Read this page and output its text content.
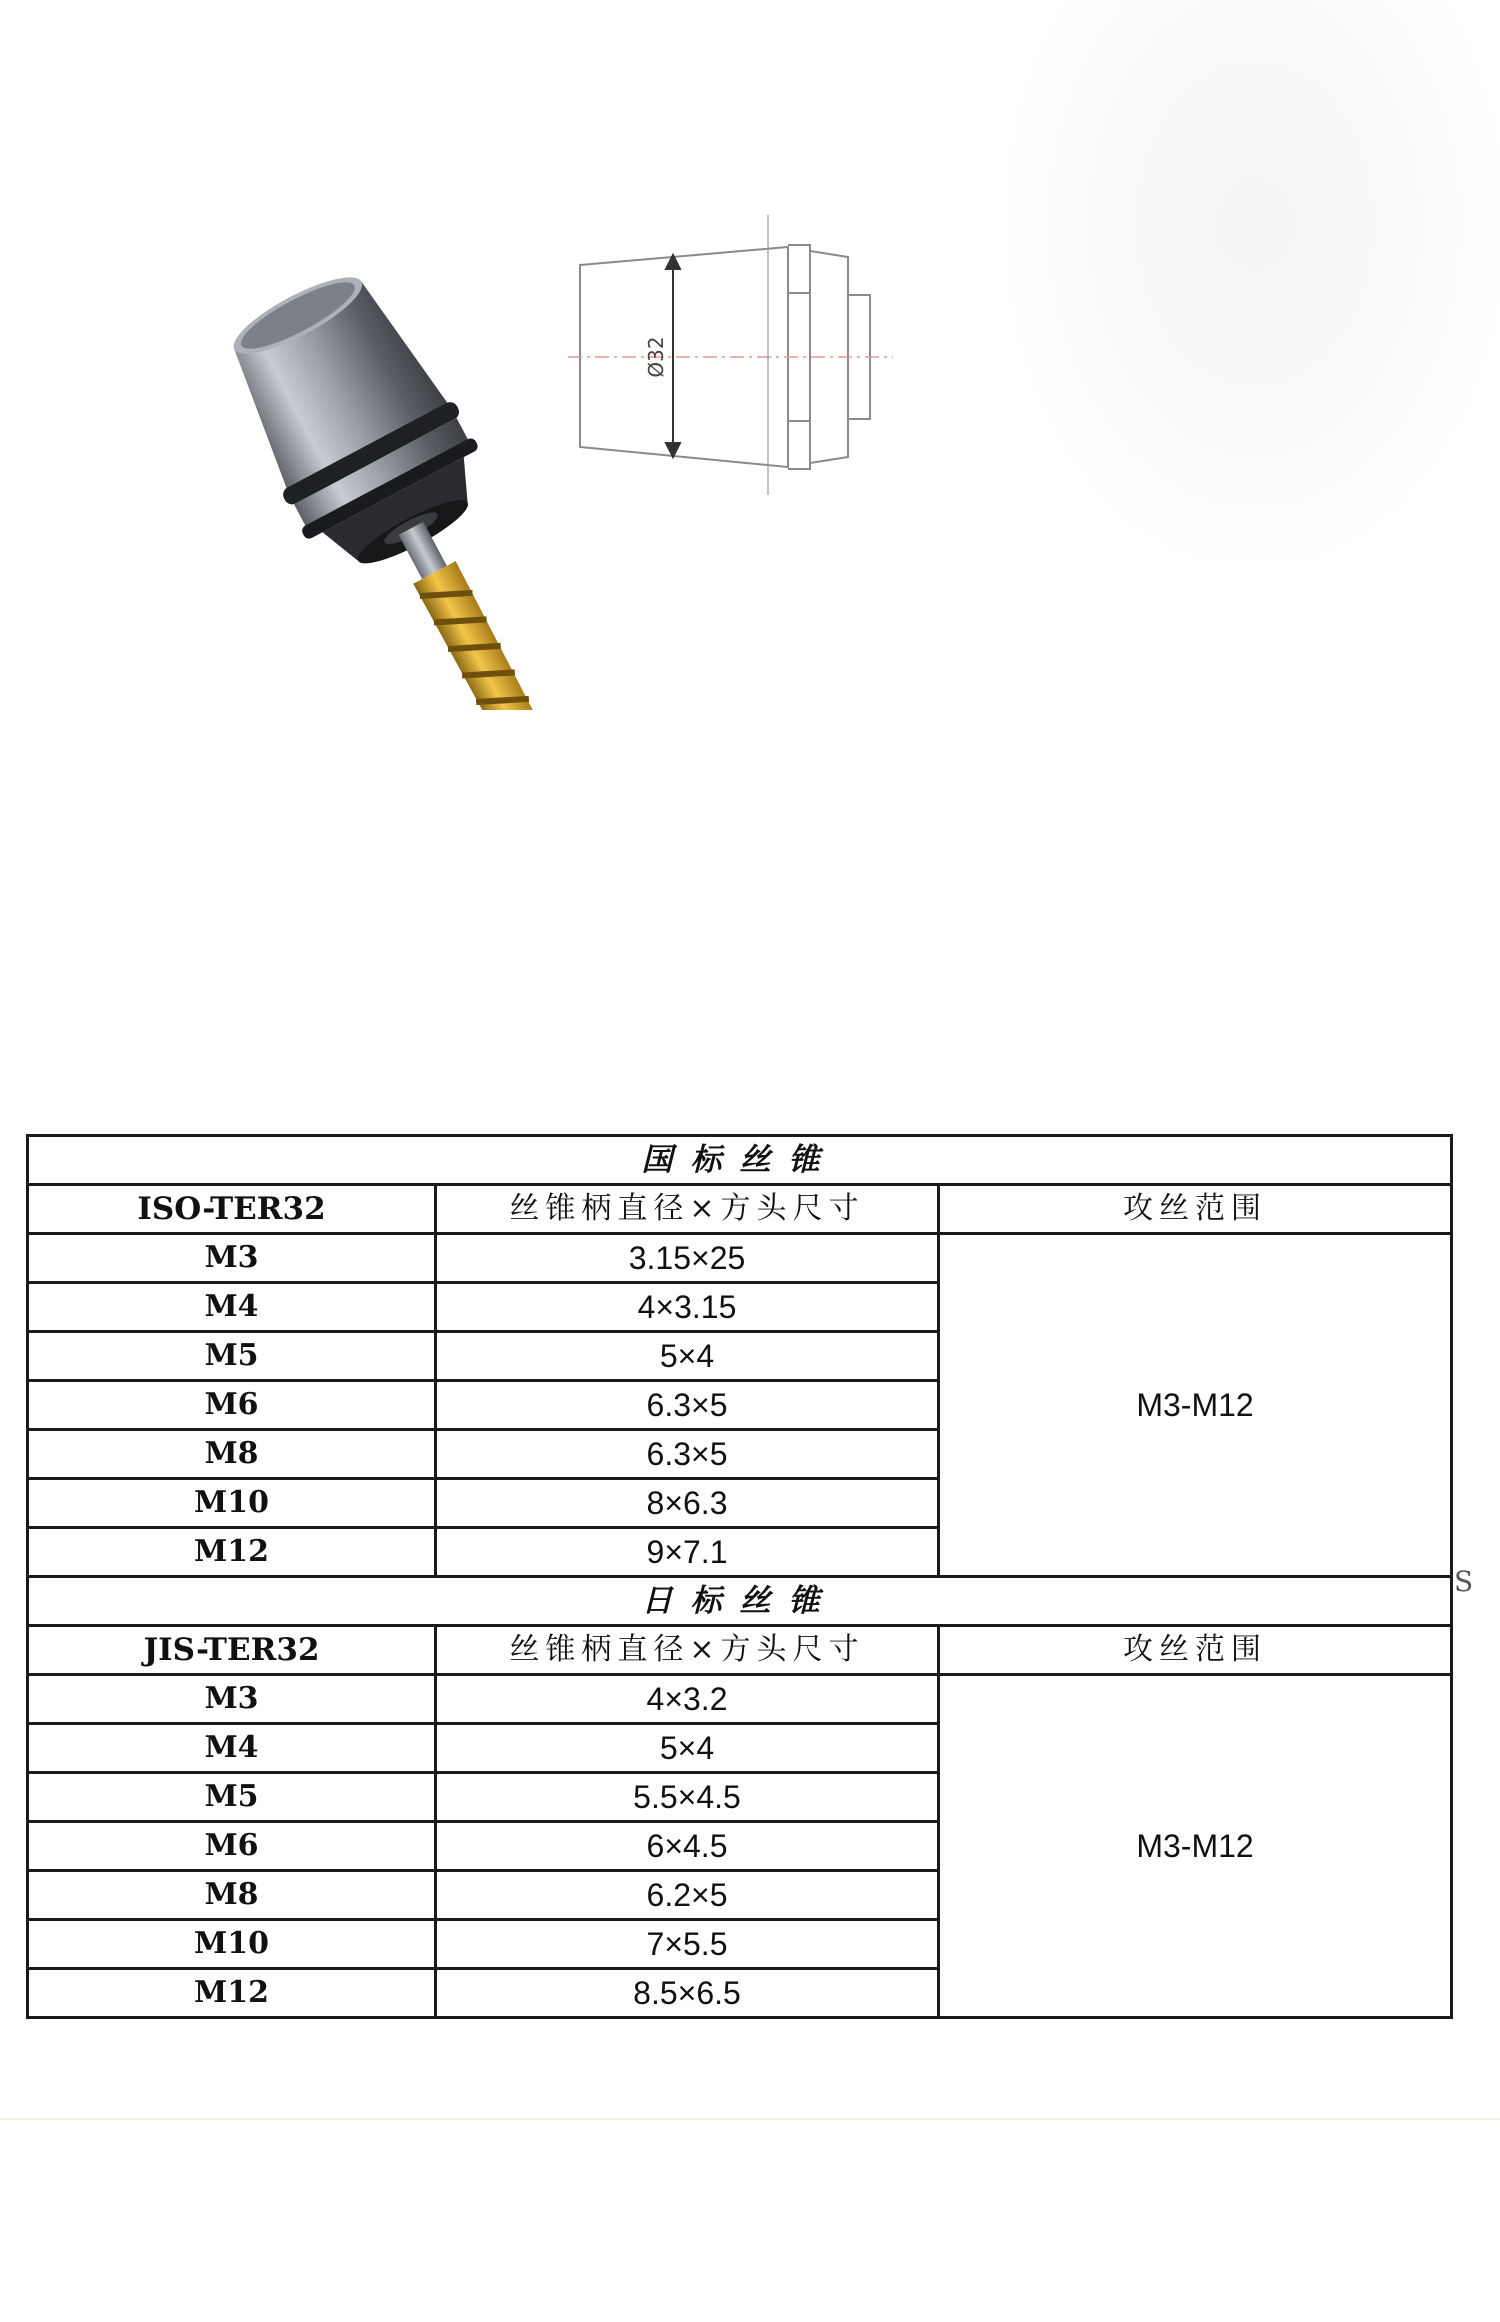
Ø32
国标丝锥		
ISO-TER32	丝锥柄直径×方头尺寸	攻丝范围
M3	3.15×25	M3-M12
M4	4×3.15	
M5	5×4	
M6	6.3×5	
M8	6.3×5	
M10	8×6.3	
M12	9×7.1	
日标丝锥		
JIS-TER32	丝锥柄直径×方头尺寸	攻丝范围
M3	4×3.2	M3-M12
M4	5×4	
M5	5.5×4.5	
M6	6×4.5	
M8	6.2×5	
M10	7×5.5	
M12	8.5×6.5	
S
